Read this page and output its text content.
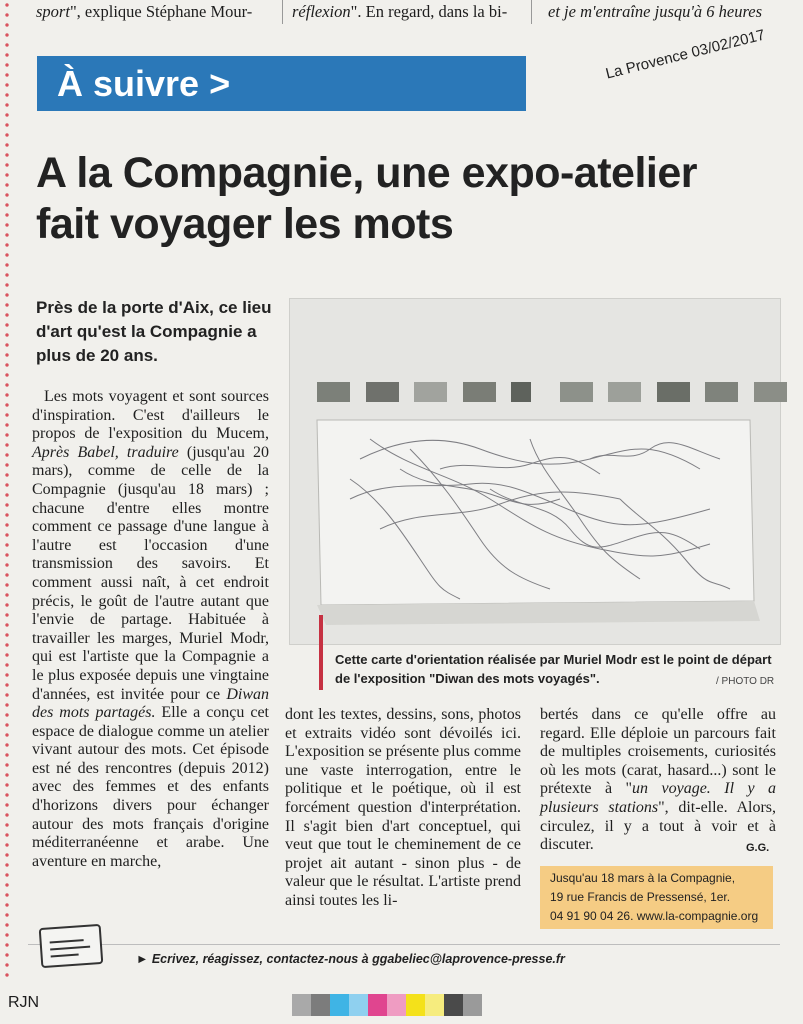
sport", explique Stéphane Mour-	réflexion". En regard, dans la bi-	et je m'entraîne jusqu'à 6 heures
À suivre >
La Provence 03/02/2017
A la Compagnie, une expo-atelier
fait voyager les mots

Près de la porte d'Aix, ce lieu d'art qu'est la Compagnie a plus de 20 ans.

Les mots voyagent et sont sources d'inspiration. C'est d'ailleurs le propos de l'exposition du Mucem, Après Babel, traduire (jusqu'au 20 mars), comme de celle de la Compagnie (jusqu'au 18 mars) ; chacune d'entre elles montre comment ce passage d'une langue à l'autre est l'occasion d'une transmission des savoirs. Et comment aussi naît, à cet endroit précis, le goût de l'autre autant que l'envie de partage. Habituée à travailler les marges, Muriel Modr, qui est l'artiste que la Compagnie a le plus exposée depuis une vingtaine d'années, est invitée pour ce Diwan des mots partagés. Elle a conçu cet espace de dialogue comme un atelier vivant autour des mots. Cet épisode est né des rencontres (depuis 2012) avec des femmes et des enfants d'horizons divers pour échanger autour des mots français d'origine méditerranéenne et arabe. Une aventure en marche,

Cette carte d'orientation réalisée par Muriel Modr est le point de départ de l'exposition "Diwan des mots voyagés".	/ PHOTO DR

dont les textes, dessins, sons, photos et extraits vidéo sont dévoilés ici. L'exposition se présente plus comme une vaste interrogation, entre le politique et le poétique, où il est forcément question d'interprétation. Il s'agit bien d'art conceptuel, qui veut que tout le cheminement de ce projet ait autant - sinon plus - de valeur que le résultat. L'artiste prend ainsi toutes les li-

bertés dans ce qu'elle offre au regard. Elle déploie un parcours fait de multiples croisements, curiosités où les mots (carat, hasard...) sont le prétexte à "un voyage. Il y a plusieurs stations", dit-elle. Alors, circulez, il y a tout à voir et à discuter.	G.G.
Jusqu'au 18 mars à la Compagnie,
19 rue Francis de Pressensé, 1er.
04 91 90 04 26. www.la-compagnie.org
► Ecrivez, réagissez, contactez-nous à ggabeliec@laprovence-presse.fr
RJN
